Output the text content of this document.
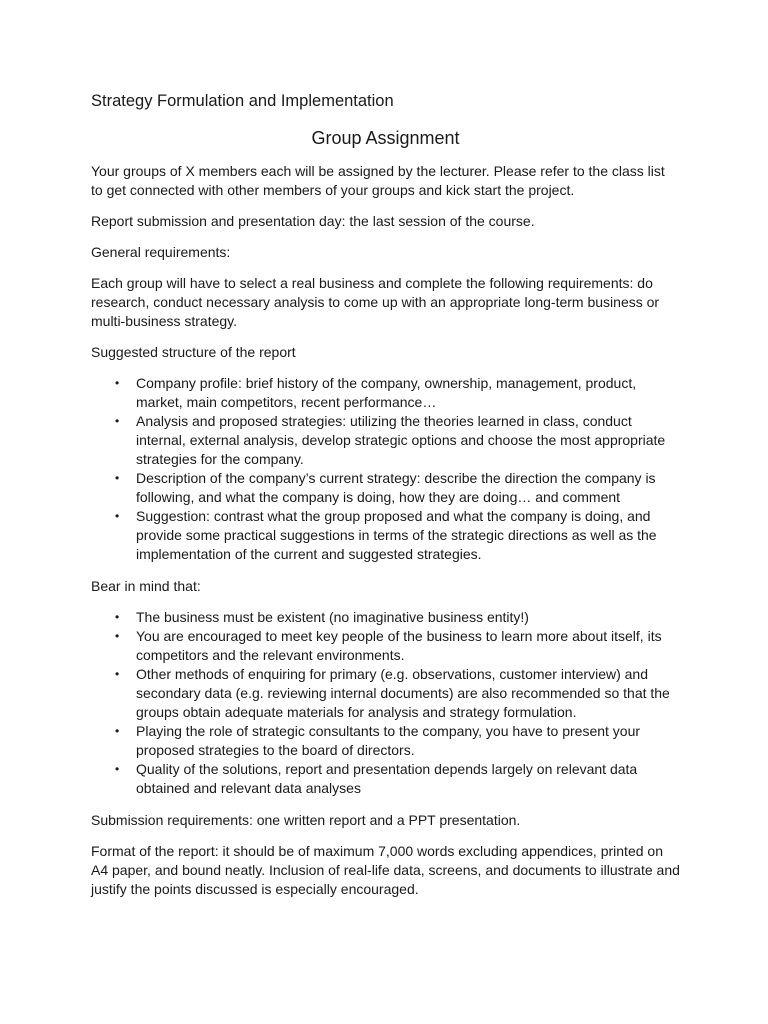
Strategy Formulation and Implementation
Group Assignment

Your groups of X members each will be assigned by the lecturer. Please refer to the class list to get connected with other members of your groups and kick start the project.

Report submission and presentation day: the last session of the course.

General requirements:

Each group will have to select a real business and complete the following requirements: do research, conduct necessary analysis to come up with an appropriate long-term business or multi-business strategy.

Suggested structure of the report

• Company profile: brief history of the company, ownership, management, product, market, main competitors, recent performance…
• Analysis and proposed strategies: utilizing the theories learned in class, conduct internal, external analysis, develop strategic options and choose the most appropriate strategies for the company.
• Description of the company’s current strategy: describe the direction the company is following, and what the company is doing, how they are doing… and comment
• Suggestion: contrast what the group proposed and what the company is doing, and provide some practical suggestions in terms of the strategic directions as well as the implementation of the current and suggested strategies.

Bear in mind that:

• The business must be existent (no imaginative business entity!)
• You are encouraged to meet key people of the business to learn more about itself, its competitors and the relevant environments.
• Other methods of enquiring for primary (e.g. observations, customer interview) and secondary data (e.g. reviewing internal documents) are also recommended so that the groups obtain adequate materials for analysis and strategy formulation.
• Playing the role of strategic consultants to the company, you have to present your proposed strategies to the board of directors.
• Quality of the solutions, report and presentation depends largely on relevant data obtained and relevant data analyses

Submission requirements: one written report and a PPT presentation.

Format of the report: it should be of maximum 7,000 words excluding appendices, printed on A4 paper, and bound neatly. Inclusion of real-life data, screens, and documents to illustrate and justify the points discussed is especially encouraged.
